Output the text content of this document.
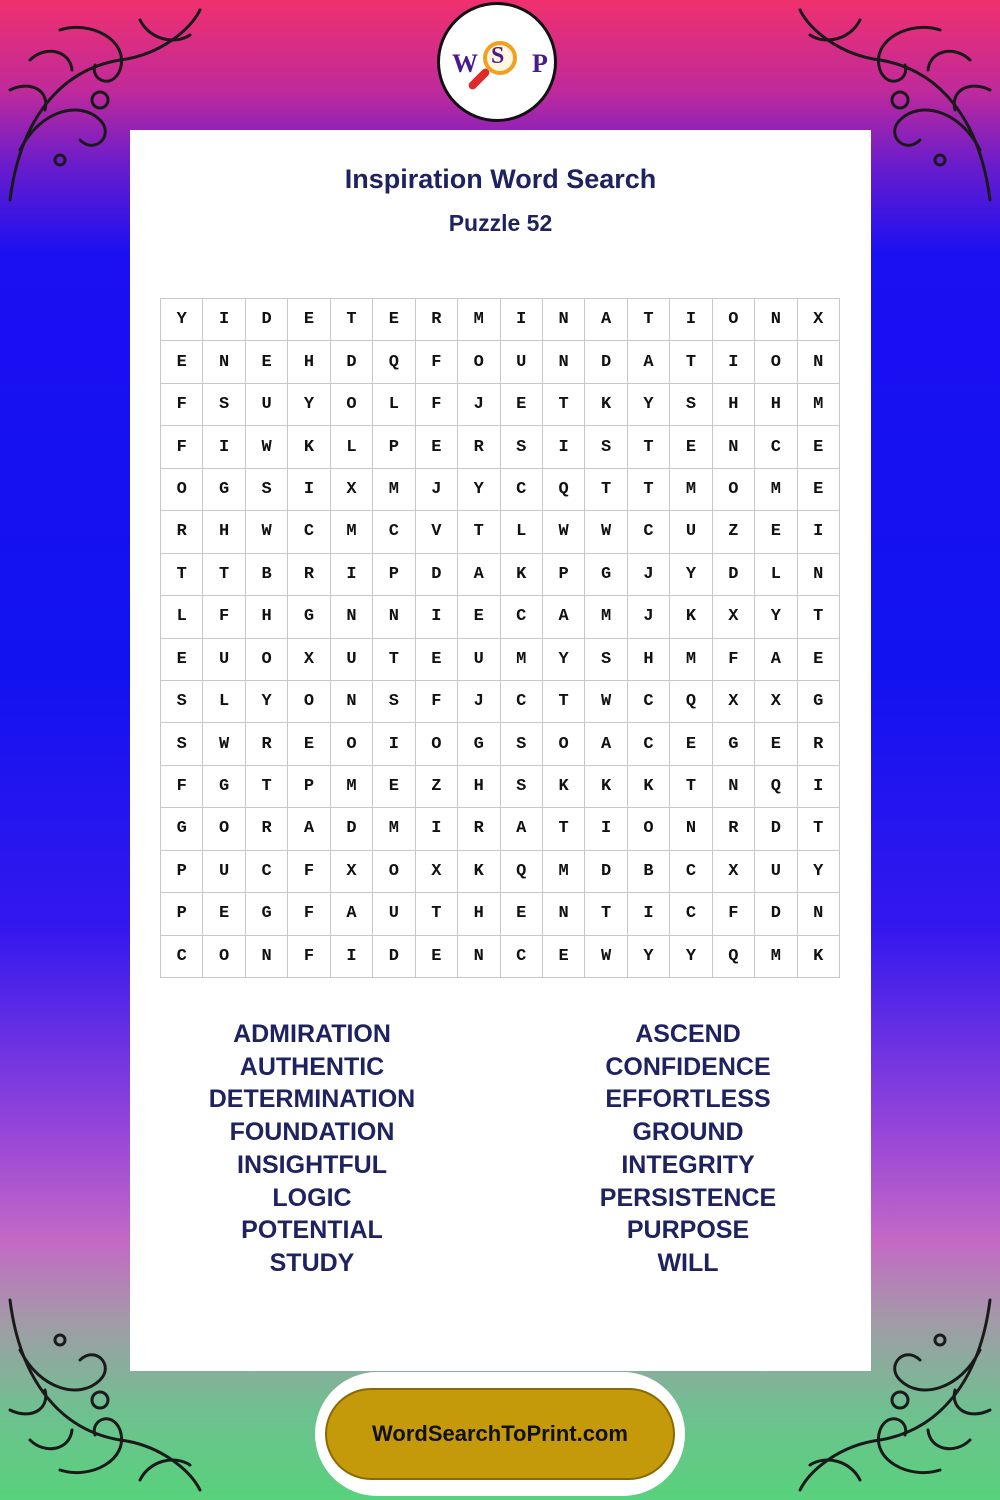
W S P
Inspiration Word Search
Puzzle 52
Y	I	D	E	T	E	R	M	I	N	A	T	I	O	N	X
E	N	E	H	D	Q	F	O	U	N	D	A	T	I	O	N
F	S	U	Y	O	L	F	J	E	T	K	Y	S	H	H	M
F	I	W	K	L	P	E	R	S	I	S	T	E	N	C	E
O	G	S	I	X	M	J	Y	C	Q	T	T	M	O	M	E
R	H	W	C	M	C	V	T	L	W	W	C	U	Z	E	I
T	T	B	R	I	P	D	A	K	P	G	J	Y	D	L	N
L	F	H	G	N	N	I	E	C	A	M	J	K	X	Y	T
E	U	O	X	U	T	E	U	M	Y	S	H	M	F	A	E
S	L	Y	O	N	S	F	J	C	T	W	C	Q	X	X	G
S	W	R	E	O	I	O	G	S	O	A	C	E	G	E	R
F	G	T	P	M	E	Z	H	S	K	K	K	T	N	Q	I
G	O	R	A	D	M	I	R	A	T	I	O	N	R	D	T
P	U	C	F	X	O	X	K	Q	M	D	B	C	X	U	Y
P	E	G	F	A	U	T	H	E	N	T	I	C	F	D	N
C	O	N	F	I	D	E	N	C	E	W	Y	Y	Q	M	K
ADMIRATION
AUTHENTIC
DETERMINATION
FOUNDATION
INSIGHTFUL
LOGIC
POTENTIAL
STUDY
ASCEND
CONFIDENCE
EFFORTLESS
GROUND
INTEGRITY
PERSISTENCE
PURPOSE
WILL
WordSearchToPrint.com
